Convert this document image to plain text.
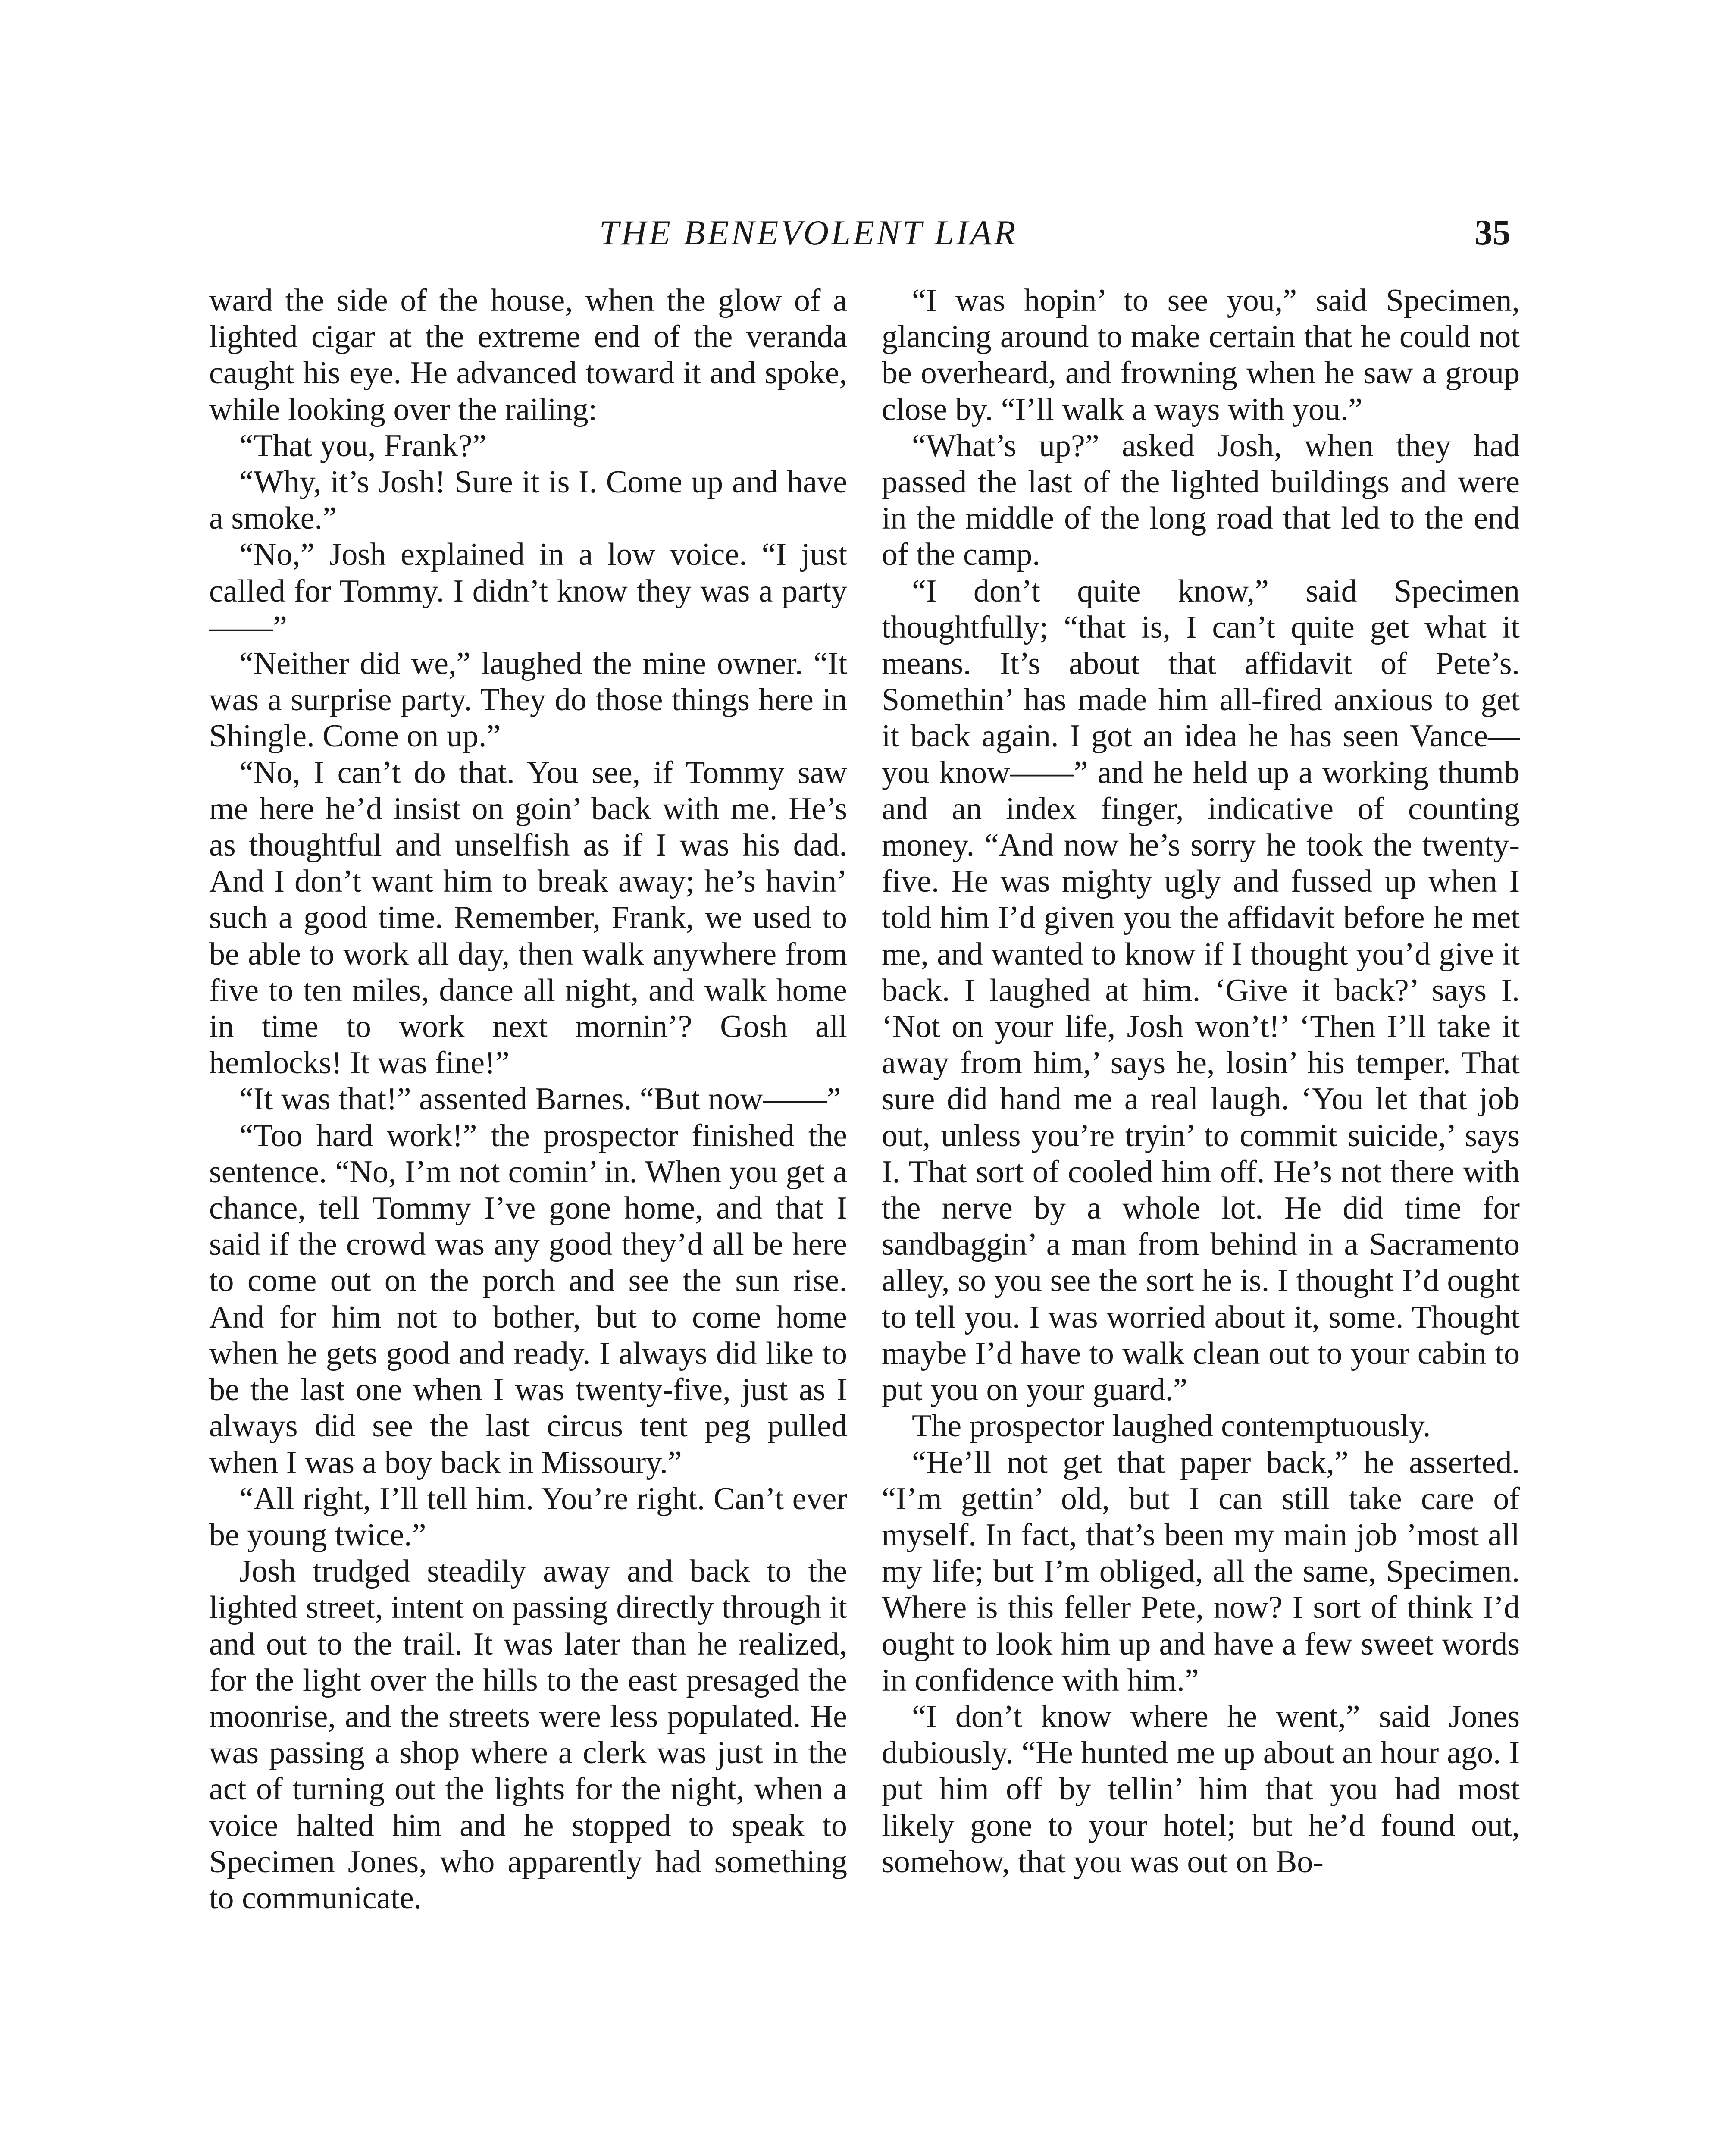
THE BENEVOLENT LIAR	35

ward the side of the house, when the glow of a lighted cigar at the extreme end of the veranda caught his eye. He advanced toward it and spoke, while looking over the railing:

“That you, Frank?”

“Why, it’s Josh! Sure it is I. Come up and have a smoke.”

“No,” Josh explained in a low voice. “I just called for Tommy. I didn’t know they was a party——”

“Neither did we,” laughed the mine owner. “It was a surprise party. They do those things here in Shingle. Come on up.”

“No, I can’t do that. You see, if Tommy saw me here he’d insist on goin’ back with me. He’s as thoughtful and unselfish as if I was his dad. And I don’t want him to break away; he’s havin’ such a good time. Remember, Frank, we used to be able to work all day, then walk anywhere from five to ten miles, dance all night, and walk home in time to work next mornin’? Gosh all hemlocks! It was fine!”

“It was that!” assented Barnes. “But now——”

“Too hard work!” the prospector finished the sentence. “No, I’m not comin’ in. When you get a chance, tell Tommy I’ve gone home, and that I said if the crowd was any good they’d all be here to come out on the porch and see the sun rise. And for him not to bother, but to come home when he gets good and ready. I always did like to be the last one when I was twenty-five, just as I always did see the last circus tent peg pulled when I was a boy back in Missoury.”

“All right, I’ll tell him. You’re right. Can’t ever be young twice.”

Josh trudged steadily away and back to the lighted street, intent on passing directly through it and out to the trail. It was later than he realized, for the light over the hills to the east presaged the moonrise, and the streets were less populated. He was passing a shop where a clerk was just in the act of turning out the lights for the night, when a voice halted him and he stopped to speak to Specimen Jones, who apparently had something to communicate.

“I was hopin’ to see you,” said Specimen, glancing around to make certain that he could not be overheard, and frowning when he saw a group close by. “I’ll walk a ways with you.”

“What’s up?” asked Josh, when they had passed the last of the lighted buildings and were in the middle of the long road that led to the end of the camp.

“I don’t quite know,” said Specimen thoughtfully; “that is, I can’t quite get what it means. It’s about that affidavit of Pete’s. Somethin’ has made him all-fired anxious to get it back again. I got an idea he has seen Vance—you know——” and he held up a working thumb and an index finger, indicative of counting money. “And now he’s sorry he took the twenty-five. He was mighty ugly and fussed up when I told him I’d given you the affidavit before he met me, and wanted to know if I thought you’d give it back. I laughed at him. ‘Give it back?’ says I. ‘Not on your life, Josh won’t!’ ‘Then I’ll take it away from him,’ says he, losin’ his temper. That sure did hand me a real laugh. ‘You let that job out, unless you’re tryin’ to commit suicide,’ says I. That sort of cooled him off. He’s not there with the nerve by a whole lot. He did time for sandbaggin’ a man from behind in a Sacramento alley, so you see the sort he is. I thought I’d ought to tell you. I was worried about it, some. Thought maybe I’d have to walk clean out to your cabin to put you on your guard.”

The prospector laughed contemptuously.

“He’ll not get that paper back,” he asserted. “I’m gettin’ old, but I can still take care of myself. In fact, that’s been my main job ’most all my life; but I’m obliged, all the same, Specimen. Where is this feller Pete, now? I sort of think I’d ought to look him up and have a few sweet words in confidence with him.”

“I don’t know where he went,” said Jones dubiously. “He hunted me up about an hour ago. I put him off by tellin’ him that you had most likely gone to your hotel; but he’d found out, somehow, that you was out on Bo-
